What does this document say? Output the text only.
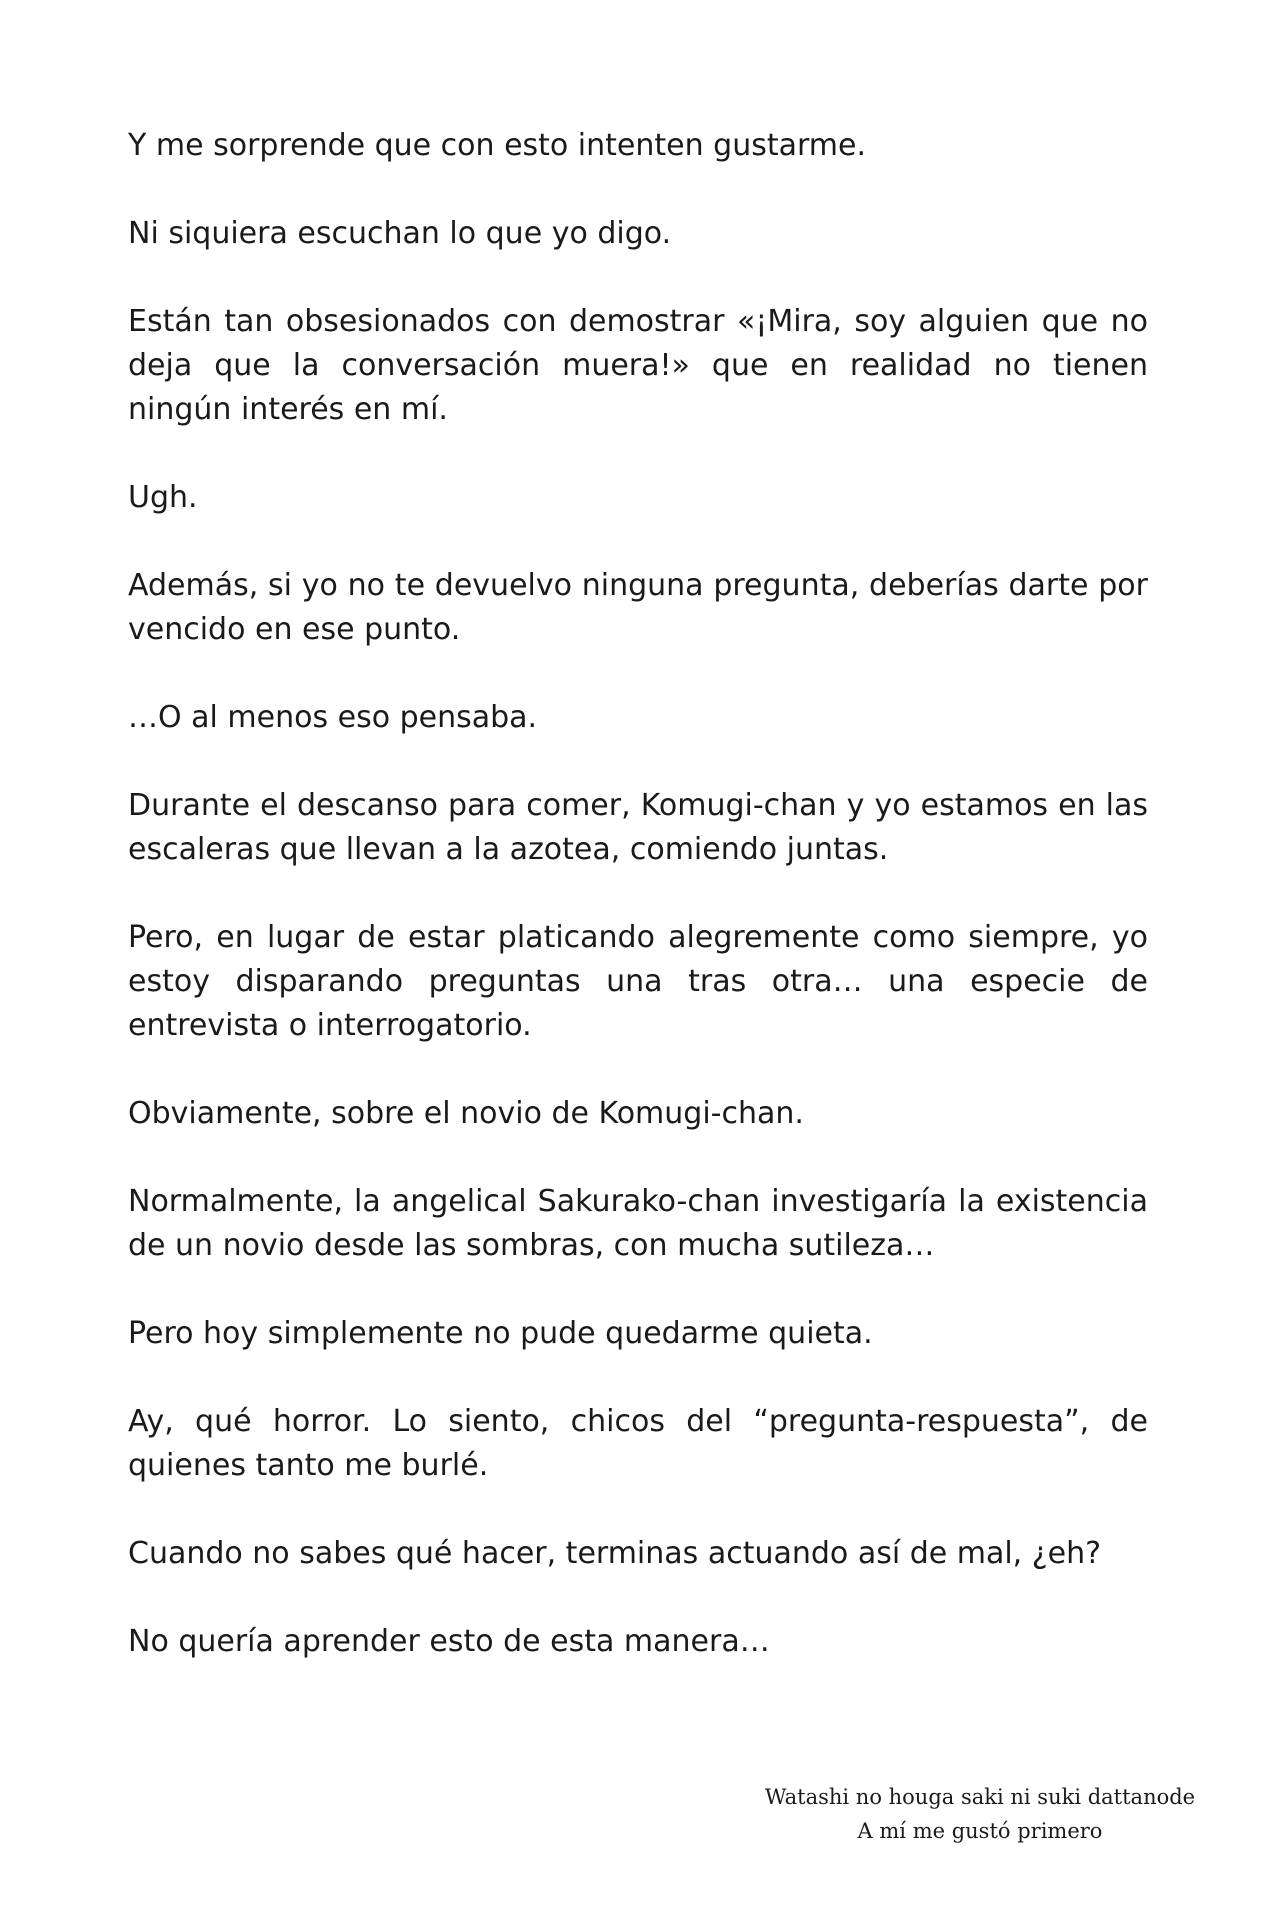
Y me sorprende que con esto intenten gustarme.

Ni siquiera escuchan lo que yo digo.

Están tan obsesionados con demostrar «¡Mira, soy alguien que no deja que la conversación muera!» que en realidad no tienen ningún interés en mí.

Ugh.

Además, si yo no te devuelvo ninguna pregunta, deberías darte por vencido en ese punto.

…O al menos eso pensaba.

Durante el descanso para comer, Komugi-chan y yo estamos en las escaleras que llevan a la azotea, comiendo juntas.

Pero, en lugar de estar platicando alegremente como siempre, yo estoy disparando preguntas una tras otra… una especie de entrevista o interrogatorio.

Obviamente, sobre el novio de Komugi-chan.

Normalmente, la angelical Sakurako-chan investigaría la existencia de un novio desde las sombras, con mucha sutileza…

Pero hoy simplemente no pude quedarme quieta.

Ay, qué horror. Lo siento, chicos del “pregunta-respuesta”, de quienes tanto me burlé.

Cuando no sabes qué hacer, terminas actuando así de mal, ¿eh?

No quería aprender esto de esta manera…

Watashi no houga saki ni suki dattanode
A mí me gustó primero
